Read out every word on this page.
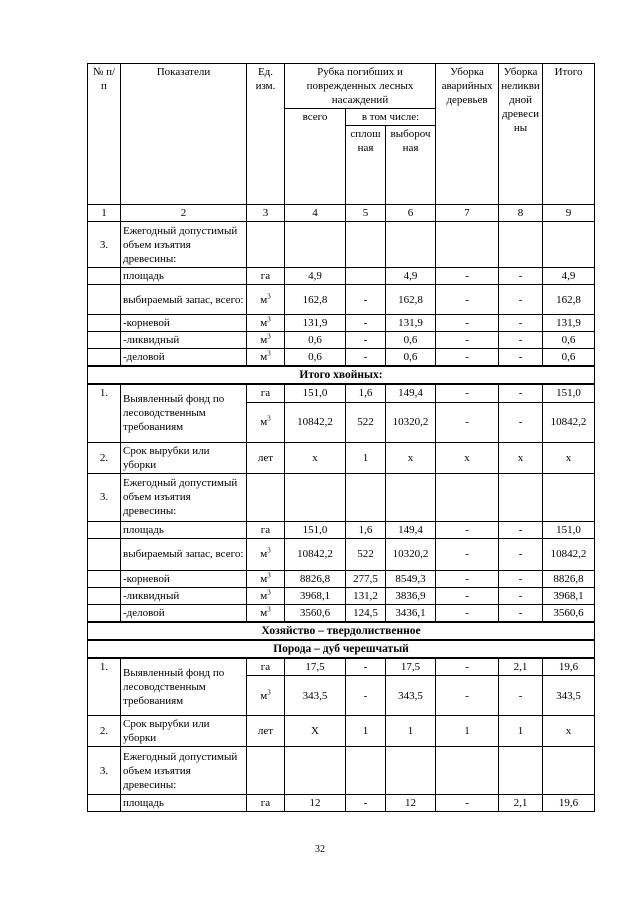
№ п/п	Показатели	Ед. изм.	Рубка погибших и поврежденных лесных насаждений			Уборка аварийных деревьев	Уборка неликвидной древесины	Итого
			всего	в том числе:				
				сплошная	выборочная			
1	2	3	4	5	6	7	8	9
3.	Ежегодный допустимый объем изъятия древесины:							
	площадь	га	4,9		4,9	-	-	4,9
	выбираемый запас, всего:	$м^3$	162,8	-	162,8	-	-	162,8
	-корневой	$м^3$	131,9	-	131,9	-	-	131,9
	-ликвидный	$м^3$	0,6	-	0,6	-	-	0,6
	-деловой	$м^3$	0,6	-	0,6	-	-	0,6
Итого хвойных:								
1.	Выявленный фонд по лесоводственным требованиям	га	151,0	1,6	149,4	-	-	151,0
		$м^3$	10842,2	522	10320,2	-	-	10842,2
2.	Срок вырубки или уборки	лет	х	1	х	х	х	х
3.	Ежегодный допустимый объем изъятия древесины:							
	площадь	га	151,0	1,6	149,4	-	-	151,0
	выбираемый запас, всего:	$м^3$	10842,2	522	10320,2	-	-	10842,2
	-корневой	$м^3$	8826,8	277,5	8549,3	-	-	8826,8
	-ликвидный	$м^3$	3968,1	131,2	3836,9	-	-	3968,1
	-деловой	$м^3$	3560,6	124,5	3436,1	-	-	3560,6
Хозяйство – твердолиственное								
Порода – дуб черешчатый								
1.	Выявленный фонд по лесоводственным требованиям	га	17,5	-	17,5	-	2,1	19,6
		$м^3$	343,5	-	343,5	-	-	343,5
2.	Срок вырубки или уборки	лет	Х	1	1	1	1	х
3.	Ежегодный допустимый объем изъятия древесины:							
	площадь	га	12	-	12	-	2,1	19,6
32
